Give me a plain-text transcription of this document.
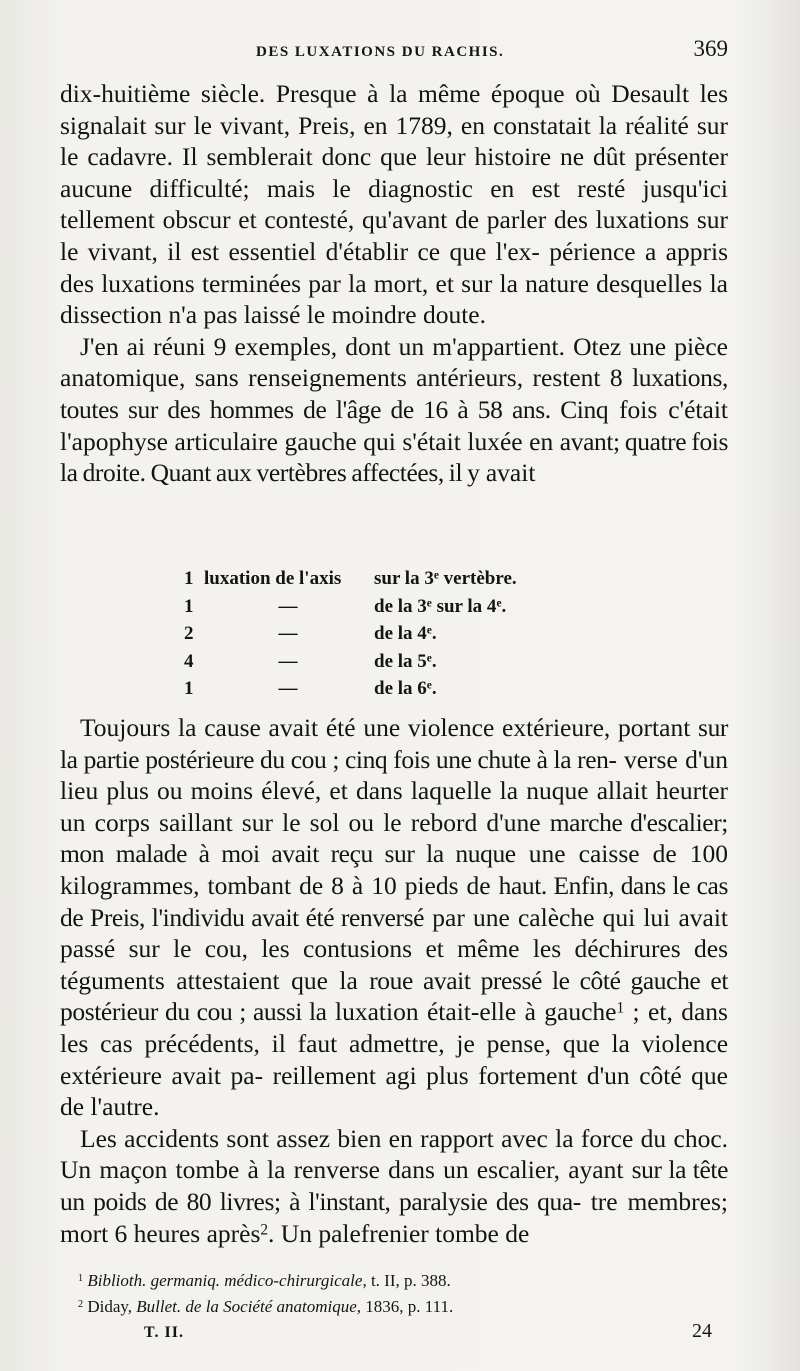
DES LUXATIONS DU RACHIS.	369

dix-huitième siècle. Presque à la même époque où Desault les signalait sur le vivant, Preis, en 1789, en constatait la réalité sur le cadavre. Il semblerait donc que leur histoire ne dût présenter aucune difficulté; mais le diagnostic en est resté jusqu'ici tellement obscur et contesté, qu'avant de parler des luxations sur le vivant, il est essentiel d'établir ce que l'ex- périence a appris des luxations terminées par la mort, et sur la nature desquelles la dissection n'a pas laissé le moindre doute.

J'en ai réuni 9 exemples, dont un m'appartient. Otez une pièce anatomique, sans renseignements antérieurs, restent 8 luxations, toutes sur des hommes de l'âge de 16 à 58 ans. Cinq fois c'était l'apophyse articulaire gauche qui s'était luxée en avant; quatre fois la droite. Quant aux vertèbres affectées, il y avait

1 luxation de l'axis	sur la 3e vertèbre.
1	—	de la 3e sur la 4e.
2	—	de la 4e.
4	—	de la 5e.
1	—	de la 6e.

Toujours la cause avait été une violence extérieure, portant sur la partie postérieure du cou ; cinq fois une chute à la ren- verse d'un lieu plus ou moins élevé, et dans laquelle la nuque allait heurter un corps saillant sur le sol ou le rebord d'une marche d'escalier; mon malade à moi avait reçu sur la nuque une caisse de 100 kilogrammes, tombant de 8 à 10 pieds de haut. Enfin, dans le cas de Preis, l'individu avait été renversé par une calèche qui lui avait passé sur le cou, les contusions et même les déchirures des téguments attestaient que la roue avait pressé le côté gauche et postérieur du cou ; aussi la luxation était-elle à gauche$^1$ ; et, dans les cas précédents, il faut admettre, je pense, que la violence extérieure avait pa- reillement agi plus fortement d'un côté que de l'autre.

Les accidents sont assez bien en rapport avec la force du choc. Un maçon tombe à la renverse dans un escalier, ayant sur la tête un poids de 80 livres; à l'instant, paralysie des qua- tre membres; mort 6 heures après$^2$. Un palefrenier tombe de

$^1$ Biblioth. germaniq. médico-chirurgicale, t. II, p. 388.
$^2$ Diday, Bullet. de la Société anatomique, 1836, p. 111.
T. II.	24
